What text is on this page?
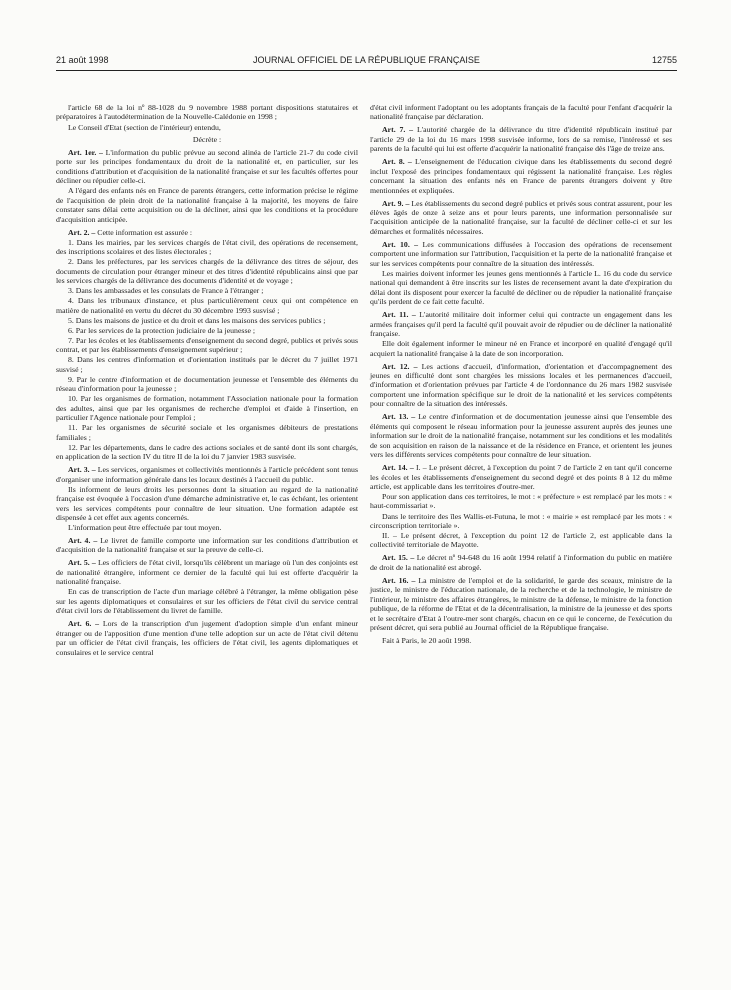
21 août 1998	JOURNAL OFFICIEL DE LA RÉPUBLIQUE FRANÇAISE	12755

l'article 68 de la loi nº 88-1028 du 9 novembre 1988 portant dispositions statutaires et préparatoires à l'autodétermination de la Nouvelle-Calédonie en 1998 ;

Le Conseil d'Etat (section de l'intérieur) entendu,

Décrète :

Art. 1er. – L'information du public prévue au second alinéa de l'article 21-7 du code civil porte sur les principes fondamentaux du droit de la nationalité et, en particulier, sur les conditions d'attribution et d'acquisition de la nationalité française et sur les facultés offertes pour décliner ou répudier celle-ci.

A l'égard des enfants nés en France de parents étrangers, cette information précise le régime de l'acquisition de plein droit de la nationalité française à la majorité, les moyens de faire constater sans délai cette acquisition ou de la décliner, ainsi que les conditions et la procédure d'acquisition anticipée.

Art. 2. – Cette information est assurée :

1. Dans les mairies, par les services chargés de l'état civil, des opérations de recensement, des inscriptions scolaires et des listes électorales ;

2. Dans les préfectures, par les services chargés de la délivrance des titres de séjour, des documents de circulation pour étranger mineur et des titres d'identité républicains ainsi que par les services chargés de la délivrance des documents d'identité et de voyage ;

3. Dans les ambassades et les consulats de France à l'étranger ;

4. Dans les tribunaux d'instance, et plus particulièrement ceux qui ont compétence en matière de nationalité en vertu du décret du 30 décembre 1993 susvisé ;

5. Dans les maisons de justice et du droit et dans les maisons des services publics ;

6. Par les services de la protection judiciaire de la jeunesse ;

7. Par les écoles et les établissements d'enseignement du second degré, publics et privés sous contrat, et par les établissements d'enseignement supérieur ;

8. Dans les centres d'information et d'orientation institués par le décret du 7 juillet 1971 susvisé ;

9. Par le centre d'information et de documentation jeunesse et l'ensemble des éléments du réseau d'information pour la jeunesse ;

10. Par les organismes de formation, notamment l'Association nationale pour la formation des adultes, ainsi que par les organismes de recherche d'emploi et d'aide à l'insertion, en particulier l'Agence nationale pour l'emploi ;

11. Par les organismes de sécurité sociale et les organismes débiteurs de prestations familiales ;

12. Par les départements, dans le cadre des actions sociales et de santé dont ils sont chargés, en application de la section IV du titre II de la loi du 7 janvier 1983 susvisée.

Art. 3. – Les services, organismes et collectivités mentionnés à l'article précédent sont tenus d'organiser une information générale dans les locaux destinés à l'accueil du public.

Ils informent de leurs droits les personnes dont la situation au regard de la nationalité française est évoquée à l'occasion d'une démarche administrative et, le cas échéant, les orientent vers les services compétents pour connaître de leur situation. Une formation adaptée est dispensée à cet effet aux agents concernés.

L'information peut être effectuée par tout moyen.

Art. 4. – Le livret de famille comporte une information sur les conditions d'attribution et d'acquisition de la nationalité française et sur la preuve de celle-ci.

Art. 5. – Les officiers de l'état civil, lorsqu'ils célèbrent un mariage où l'un des conjoints est de nationalité étrangère, informent ce dernier de la faculté qui lui est offerte d'acquérir la nationalité française.

En cas de transcription de l'acte d'un mariage célébré à l'étranger, la même obligation pèse sur les agents diplomatiques et consulaires et sur les officiers de l'état civil du service central d'état civil lors de l'établissement du livret de famille.

Art. 6. – Lors de la transcription d'un jugement d'adoption simple d'un enfant mineur étranger ou de l'apposition d'une mention d'une telle adoption sur un acte de l'état civil détenu par un officier de l'état civil français, les officiers de l'état civil, les agents diplomatiques et consulaires et le service central

d'état civil informent l'adoptant ou les adoptants français de la faculté pour l'enfant d'acquérir la nationalité française par déclaration.

Art. 7. – L'autorité chargée de la délivrance du titre d'identité républicain institué par l'article 29 de la loi du 16 mars 1998 susvisée informe, lors de sa remise, l'intéressé et ses parents de la faculté qui lui est offerte d'acquérir la nationalité française dès l'âge de treize ans.

Art. 8. – L'enseignement de l'éducation civique dans les établissements du second degré inclut l'exposé des principes fondamentaux qui régissent la nationalité française. Les règles concernant la situation des enfants nés en France de parents étrangers doivent y être mentionnées et expliquées.

Art. 9. – Les établissements du second degré publics et privés sous contrat assurent, pour les élèves âgés de onze à seize ans et pour leurs parents, une information personnalisée sur l'acquisition anticipée de la nationalité française, sur la faculté de décliner celle-ci et sur les démarches et formalités nécessaires.

Art. 10. – Les communications diffusées à l'occasion des opérations de recensement comportent une information sur l'attribution, l'acquisition et la perte de la nationalité française et sur les services compétents pour connaître de la situation des intéressés.

Les mairies doivent informer les jeunes gens mentionnés à l'article L. 16 du code du service national qui demandent à être inscrits sur les listes de recensement avant la date d'expiration du délai dont ils disposent pour exercer la faculté de décliner ou de répudier la nationalité française qu'ils perdent de ce fait cette faculté.

Art. 11. – L'autorité militaire doit informer celui qui contracte un engagement dans les armées françaises qu'il perd la faculté qu'il pouvait avoir de répudier ou de décliner la nationalité française.

Elle doit également informer le mineur né en France et incorporé en qualité d'engagé qu'il acquiert la nationalité française à la date de son incorporation.

Art. 12. – Les actions d'accueil, d'information, d'orientation et d'accompagnement des jeunes en difficulté dont sont chargées les missions locales et les permanences d'accueil, d'information et d'orientation prévues par l'article 4 de l'ordonnance du 26 mars 1982 susvisée comportent une information spécifique sur le droit de la nationalité et les services compétents pour connaître de la situation des intéressés.

Art. 13. – Le centre d'information et de documentation jeunesse ainsi que l'ensemble des éléments qui composent le réseau information pour la jeunesse assurent auprès des jeunes une information sur le droit de la nationalité française, notamment sur les conditions et les modalités de son acquisition en raison de la naissance et de la résidence en France, et orientent les jeunes vers les différents services compétents pour connaître de leur situation.

Art. 14. – I. – Le présent décret, à l'exception du point 7 de l'article 2 en tant qu'il concerne les écoles et les établissements d'enseignement du second degré et des points 8 à 12 du même article, est applicable dans les territoires d'outre-mer.

Pour son application dans ces territoires, le mot : « préfecture » est remplacé par les mots : « haut-commissariat ».

Dans le territoire des îles Wallis-et-Futuna, le mot : « mairie » est remplacé par les mots : « circonscription territoriale ».

II. – Le présent décret, à l'exception du point 12 de l'article 2, est applicable dans la collectivité territoriale de Mayotte.

Art. 15. – Le décret nº 94-648 du 16 août 1994 relatif à l'information du public en matière de droit de la nationalité est abrogé.

Art. 16. – La ministre de l'emploi et de la solidarité, le garde des sceaux, ministre de la justice, le ministre de l'éducation nationale, de la recherche et de la technologie, le ministre de l'intérieur, le ministre des affaires étrangères, le ministre de la défense, le ministre de la fonction publique, de la réforme de l'Etat et de la décentralisation, la ministre de la jeunesse et des sports et le secrétaire d'Etat à l'outre-mer sont chargés, chacun en ce qui le concerne, de l'exécution du présent décret, qui sera publié au Journal officiel de la République française.

Fait à Paris, le 20 août 1998.
